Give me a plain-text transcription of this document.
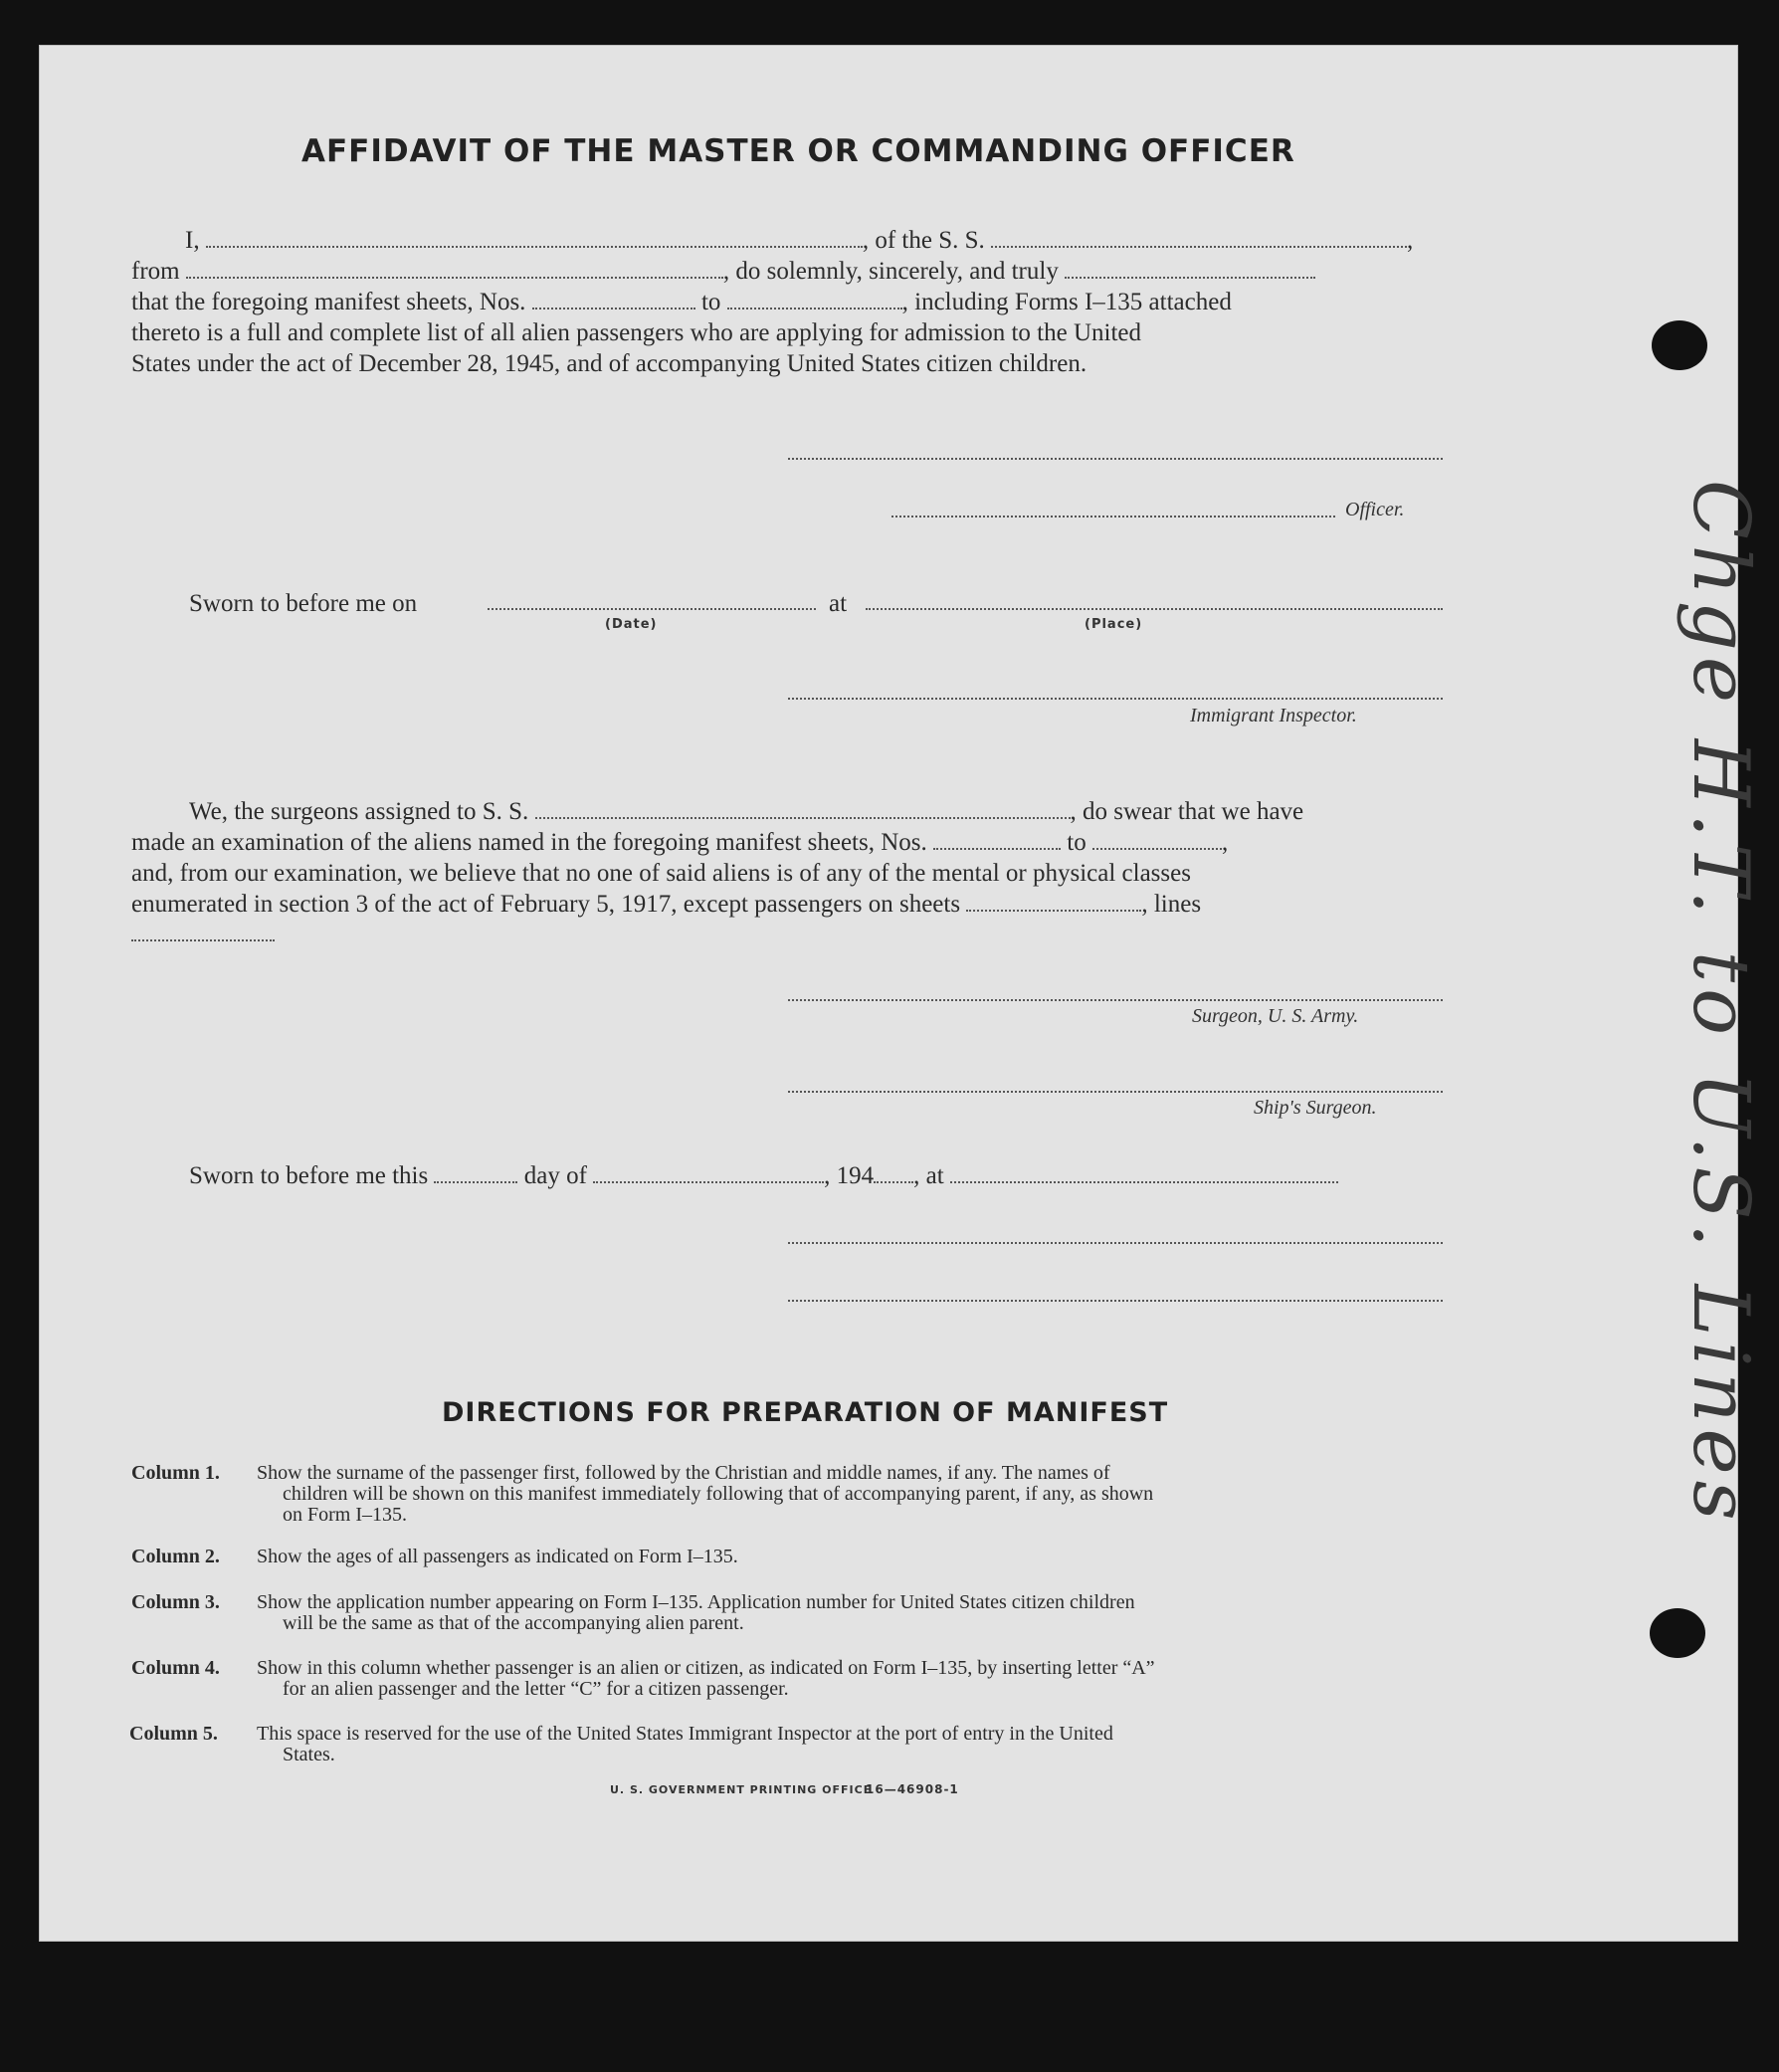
AFFIDAVIT OF THE MASTER OR COMMANDING OFFICER
I,	, of the S. S.	,
from	, do solemnly, sincerely, and truly
that the foregoing manifest sheets, Nos.	to	, including Forms I–135 attached
thereto is a full and complete list of all alien passengers who are applying for admission to the United
States under the act of December 28, 1945, and of accompanying United States citizen children.
Officer.
Sworn to before me on	at
(Date)	(Place)
Immigrant Inspector.
We, the surgeons assigned to S. S.	, do swear that we have
made an examination of the aliens named in the foregoing manifest sheets, Nos.	to	,
and, from our examination, we believe that no one of said aliens is of any of the mental or physical classes
enumerated in section 3 of the act of February 5, 1917, except passengers on sheets	, lines
Surgeon, U. S. Army.
Ship's Surgeon.
Sworn to before me this	day of	, 194 , at
DIRECTIONS FOR PREPARATION OF MANIFEST
Column 1. Show the surname of the passenger first, followed by the Christian and middle names, if any. The names of
children will be shown on this manifest immediately following that of accompanying parent, if any, as shown
on Form I–135.
Column 2. Show the ages of all passengers as indicated on Form I–135.
Column 3. Show the application number appearing on Form I–135. Application number for United States citizen children
will be the same as that of the accompanying alien parent.
Column 4. Show in this column whether passenger is an alien or citizen, as indicated on Form I–135, by inserting letter “A”
for an alien passenger and the letter “C” for a citizen passenger.
Column 5. This space is reserved for the use of the United States Immigrant Inspector at the port of entry in the United
States.
U. S. GOVERNMENT PRINTING OFFICE
16—46908-1
Chge H.T. to U.S. Lines
